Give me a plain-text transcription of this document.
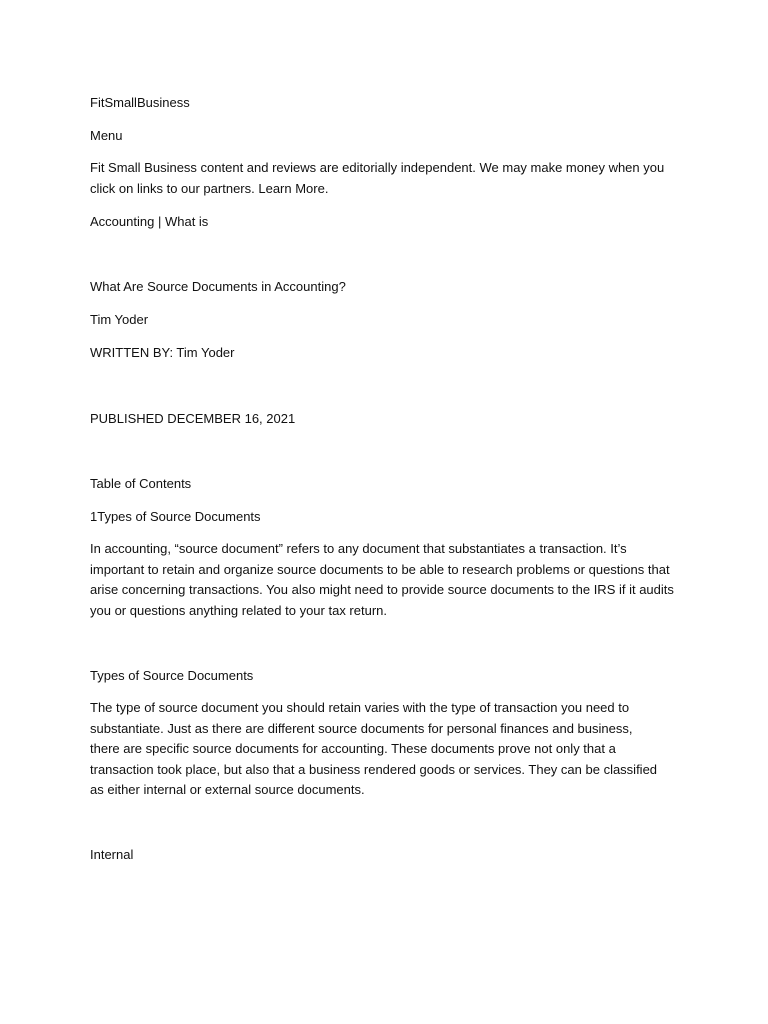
FitSmallBusiness
Menu
Fit Small Business content and reviews are editorially independent. We may make money when you click on links to our partners. Learn More.
Accounting | What is
What Are Source Documents in Accounting?
Tim Yoder
WRITTEN BY: Tim Yoder
PUBLISHED DECEMBER 16, 2021
Table of Contents
1Types of Source Documents
In accounting, “source document” refers to any document that substantiates a transaction. It’s important to retain and organize source documents to be able to research problems or questions that arise concerning transactions. You also might need to provide source documents to the IRS if it audits you or questions anything related to your tax return.
Types of Source Documents
The type of source document you should retain varies with the type of transaction you need to substantiate. Just as there are different source documents for personal finances and business, there are specific source documents for accounting. These documents prove not only that a transaction took place, but also that a business rendered goods or services. They can be classified as either internal or external source documents.
Internal
